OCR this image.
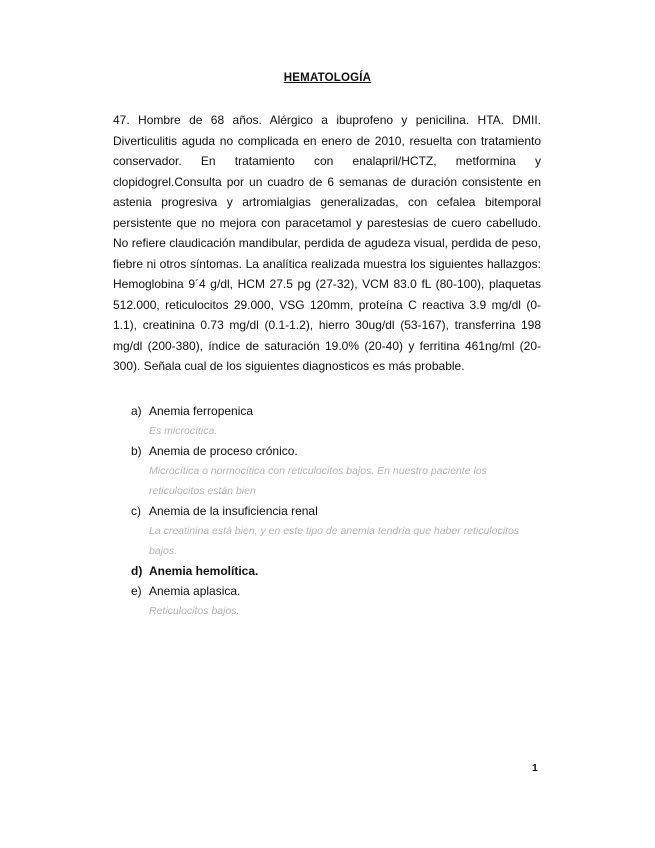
HEMATOLOGÍA

47. Hombre de 68 años. Alérgico a ibuprofeno y penicilina. HTA. DMII. Diverticulitis aguda no complicada en enero de 2010, resuelta con tratamiento conservador. En tratamiento con enalapril/HCTZ, metformina y clopidogrel.Consulta por un cuadro de 6 semanas de duración consistente en astenia progresiva y artromialgias generalizadas, con cefalea bitemporal persistente que no mejora con paracetamol y parestesias de cuero cabelludo. No refiere claudicación mandibular, perdida de agudeza visual, perdida de peso, fiebre ni otros síntomas. La analítica realizada muestra los siguientes hallazgos: Hemoglobina 9´4 g/dl, HCM 27.5 pg (27-32), VCM 83.0 fL (80-100), plaquetas 512.000, reticulocitos 29.000, VSG 120mm, proteína C reactiva 3.9 mg/dl (0-1.1), creatinina 0.73 mg/dl (0.1-1.2), hierro 30ug/dl (53-167), transferrina 198 mg/dl (200-380), índice de saturación 19.0% (20-40) y ferritina 461ng/ml (20-300). Señala cual de los siguientes diagnosticos es más probable.

a) Anemia ferropenica
Es microcítica.
b) Anemia de proceso crónico.
Microcítica o normocítica con reticulocitos bajos. En nuestro paciente los reticulocitos están bien
c) Anemia de la insuficiencia renal
La creatinina está bien, y en este tipo de anemia tendría que haber reticulocitos bajos.
d) Anemia hemolítica.
e) Anemia aplasica.
Reticulocitos bajos.
1
